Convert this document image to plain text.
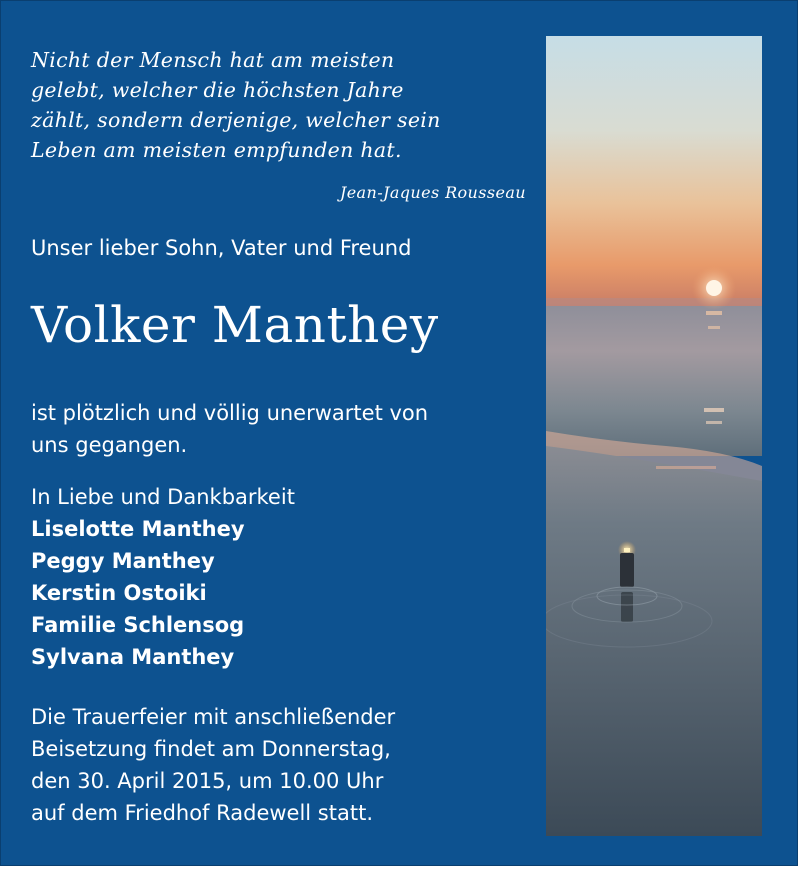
Nicht der Mensch hat am meisten
gelebt, welcher die höchsten Jahre
zählt, sondern derjenige, welcher sein
Leben am meisten empfunden hat.
Jean-Jaques Rousseau
Unser lieber Sohn, Vater und Freund
Volker Manthey
ist plötzlich und völlig unerwartet von
uns gegangen.
In Liebe und Dankbarkeit
Liselotte Manthey
Peggy Manthey
Kerstin Ostoiki
Familie Schlensog
Sylvana Manthey
Die Trauerfeier mit anschließender
Beisetzung findet am Donnerstag,
den 30. April 2015, um 10.00 Uhr
auf dem Friedhof Radewell statt.
